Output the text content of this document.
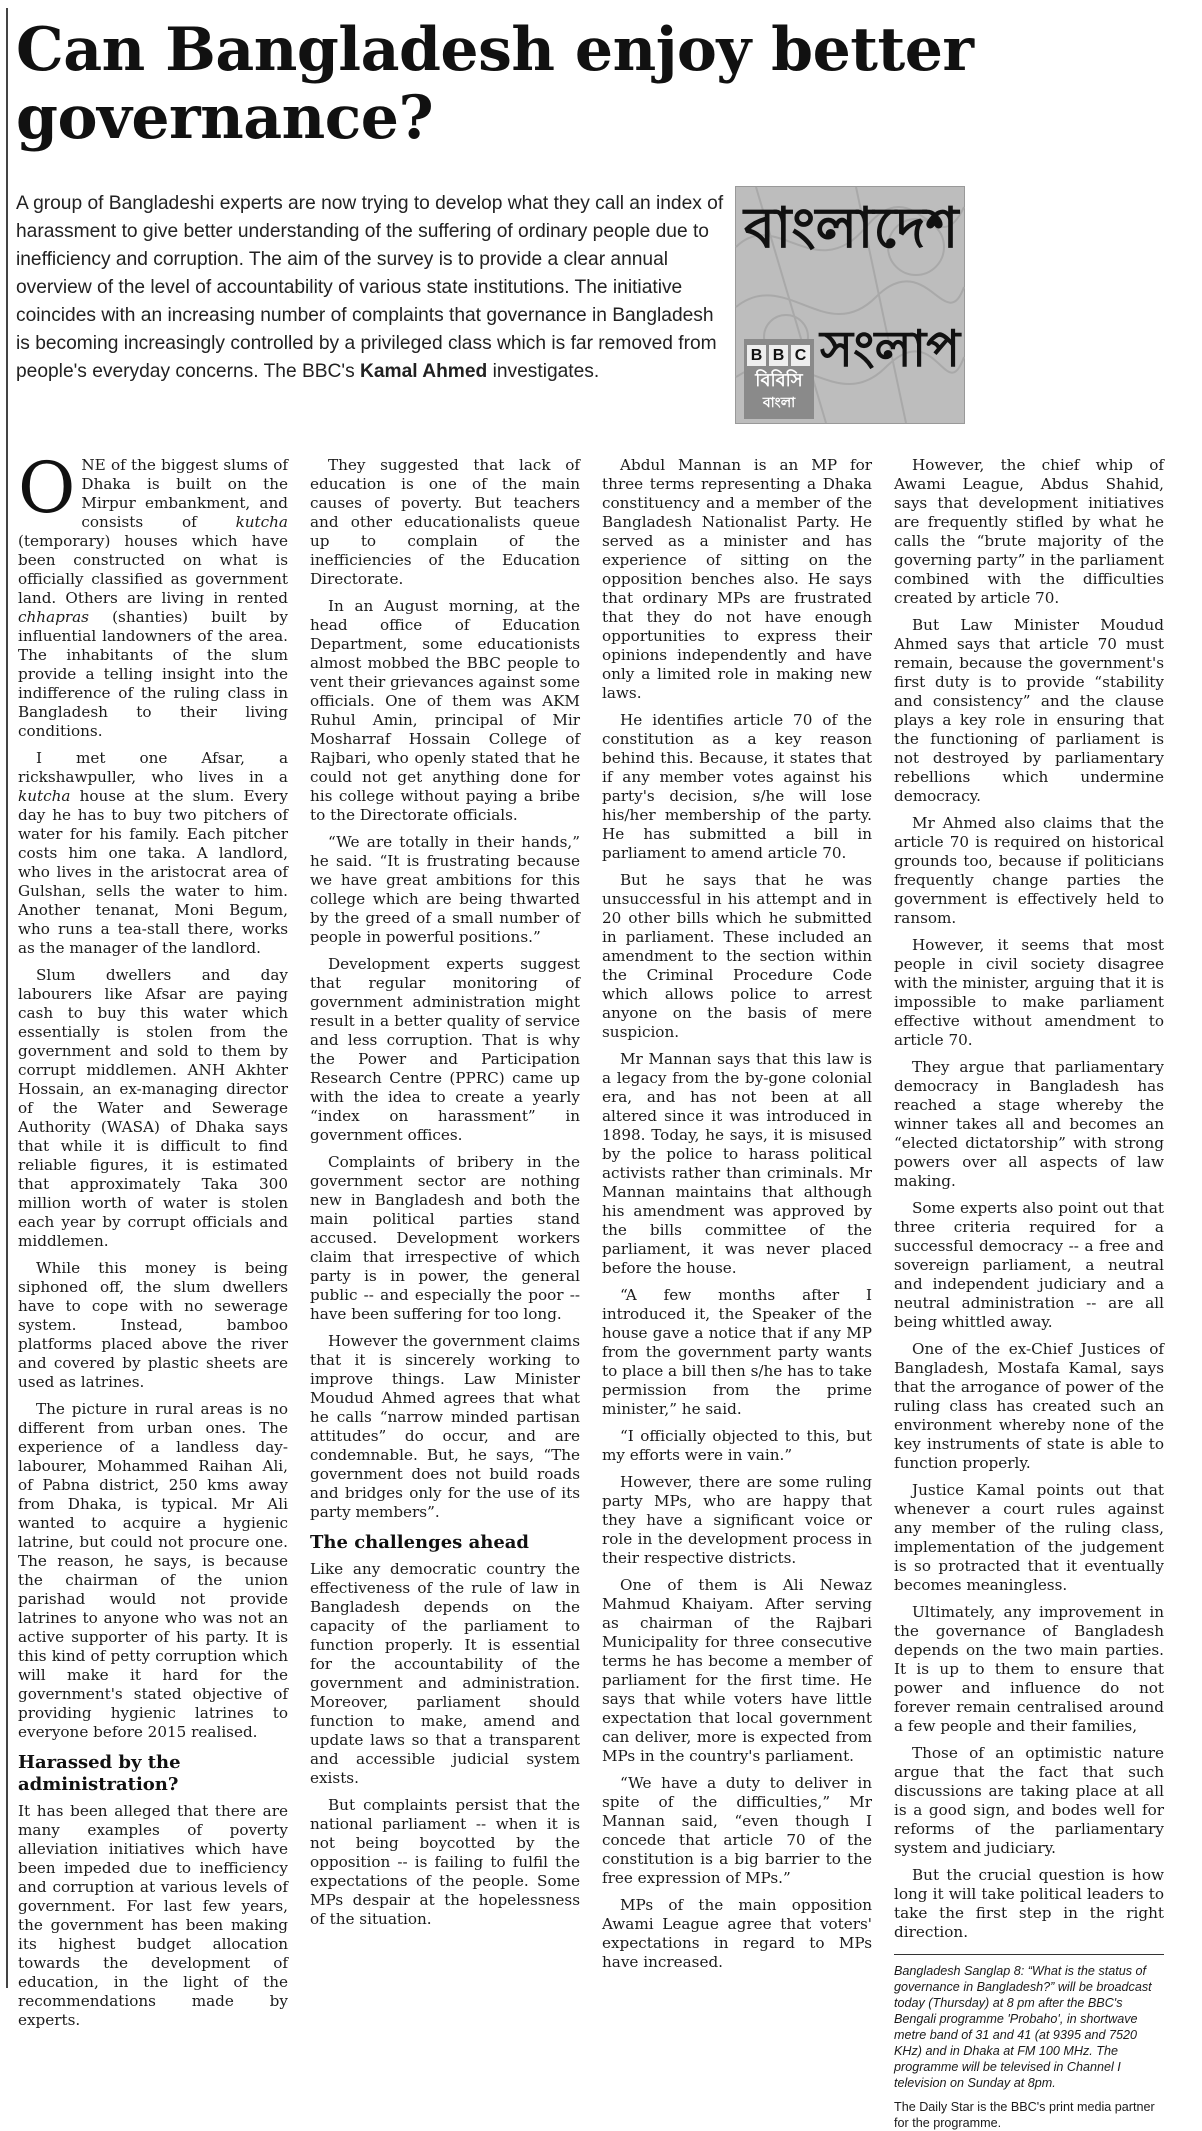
Can Bangladesh enjoy better governance?

A group of Bangladeshi experts are now trying to develop what they call an index of harassment to give better understanding of the suffering of ordinary people due to inefficiency and corruption. The aim of the survey is to provide a clear annual overview of the level of accountability of various state institutions. The initiative coincides with an increasing number of complaints that governance in Bangladesh is becoming increasingly controlled by a privileged class which is far removed from people's everyday concerns. The BBC's Kamal Ahmed investigates.

বাংলাদেশ
সংলাপ
B B C
বিবিসি
বাংলা

ONE of the biggest slums of Dhaka is built on the Mirpur embankment, and consists of kutcha (temporary) houses which have been constructed on what is officially classified as government land. Others are living in rented chhapras (shanties) built by influential landowners of the area. The inhabitants of the slum provide a telling insight into the indifference of the ruling class in Bangladesh to their living conditions.

I met one Afsar, a rickshawpuller, who lives in a kutcha house at the slum. Every day he has to buy two pitchers of water for his family. Each pitcher costs him one taka. A landlord, who lives in the aristocrat area of Gulshan, sells the water to him. Another tenanat, Moni Begum, who runs a tea-stall there, works as the manager of the landlord.

Slum dwellers and day labourers like Afsar are paying cash to buy this water which essentially is stolen from the government and sold to them by corrupt middlemen. ANH Akhter Hossain, an ex-managing director of the Water and Sewerage Authority (WASA) of Dhaka says that while it is difficult to find reliable figures, it is estimated that approximately Taka 300 million worth of water is stolen each year by corrupt officials and middlemen.

While this money is being siphoned off, the slum dwellers have to cope with no sewerage system. Instead, bamboo platforms placed above the river and covered by plastic sheets are used as latrines.

The picture in rural areas is no different from urban ones. The experience of a landless day-labourer, Mohammed Raihan Ali, of Pabna district, 250 kms away from Dhaka, is typical. Mr Ali wanted to acquire a hygienic latrine, but could not procure one. The reason, he says, is because the chairman of the union parishad would not provide latrines to anyone who was not an active supporter of his party. It is this kind of petty corruption which will make it hard for the government's stated objective of providing hygienic latrines to everyone before 2015 realised.

Harassed by the administration?

It has been alleged that there are many examples of poverty alleviation initiatives which have been impeded due to inefficiency and corruption at various levels of government. For last few years, the government has been making its highest budget allocation towards the development of education, in the light of the recommendations made by experts.

They suggested that lack of education is one of the main causes of poverty. But teachers and other educationalists queue up to complain of the inefficiencies of the Education Directorate.

In an August morning, at the head office of Education Department, some educationists almost mobbed the BBC people to vent their grievances against some officials. One of them was AKM Ruhul Amin, principal of Mir Mosharraf Hossain College of Rajbari, who openly stated that he could not get anything done for his college without paying a bribe to the Directorate officials.

“We are totally in their hands,” he said. “It is frustrating because we have great ambitions for this college which are being thwarted by the greed of a small number of people in powerful positions.”

Development experts suggest that regular monitoring of government administration might result in a better quality of service and less corruption. That is why the Power and Participation Research Centre (PPRC) came up with the idea to create a yearly “index on harassment” in government offices.

Complaints of bribery in the government sector are nothing new in Bangladesh and both the main political parties stand accused. Development workers claim that irrespective of which party is in power, the general public -- and especially the poor -- have been suffering for too long.

However the government claims that it is sincerely working to improve things. Law Minister Moudud Ahmed agrees that what he calls “narrow minded partisan attitudes” do occur, and are condemnable. But, he says, “The government does not build roads and bridges only for the use of its party members”.

The challenges ahead

Like any democratic country the effectiveness of the rule of law in Bangladesh depends on the capacity of the parliament to function properly. It is essential for the accountability of the government and administration. Moreover, parliament should function to make, amend and update laws so that a transparent and accessible judicial system exists.

But complaints persist that the national parliament -- when it is not being boycotted by the opposition -- is failing to fulfil the expectations of the people. Some MPs despair at the hopelessness of the situation.

Abdul Mannan is an MP for three terms representing a Dhaka constituency and a member of the Bangladesh Nationalist Party. He served as a minister and has experience of sitting on the opposition benches also. He says that ordinary MPs are frustrated that they do not have enough opportunities to express their opinions independently and have only a limited role in making new laws.

He identifies article 70 of the constitution as a key reason behind this. Because, it states that if any member votes against his party's decision, s/he will lose his/her membership of the party. He has submitted a bill in parliament to amend article 70.

But he says that he was unsuccessful in his attempt and in 20 other bills which he submitted in parliament. These included an amendment to the section within the Criminal Procedure Code which allows police to arrest anyone on the basis of mere suspicion.

Mr Mannan says that this law is a legacy from the by-gone colonial era, and has not been at all altered since it was introduced in 1898. Today, he says, it is misused by the police to harass political activists rather than criminals. Mr Mannan maintains that although his amendment was approved by the bills committee of the parliament, it was never placed before the house.

“A few months after I introduced it, the Speaker of the house gave a notice that if any MP from the government party wants to place a bill then s/he has to take permission from the prime minister,” he said.

“I officially objected to this, but my efforts were in vain.”

However, there are some ruling party MPs, who are happy that they have a significant voice or role in the development process in their respective districts.

One of them is Ali Newaz Mahmud Khaiyam. After serving as chairman of the Rajbari Municipality for three consecutive terms he has become a member of parliament for the first time. He says that while voters have little expectation that local government can deliver, more is expected from MPs in the country's parliament.

“We have a duty to deliver in spite of the difficulties,” Mr Mannan said, “even though I concede that article 70 of the constitution is a big barrier to the free expression of MPs.”

MPs of the main opposition Awami League agree that voters' expectations in regard to MPs have increased.

However, the chief whip of Awami League, Abdus Shahid, says that development initiatives are frequently stifled by what he calls the “brute majority of the governing party” in the parliament combined with the difficulties created by article 70.

But Law Minister Moudud Ahmed says that article 70 must remain, because the government's first duty is to provide “stability and consistency” and the clause plays a key role in ensuring that the functioning of parliament is not destroyed by parliamentary rebellions which undermine democracy.

Mr Ahmed also claims that the article 70 is required on historical grounds too, because if politicians frequently change parties the government is effectively held to ransom.

However, it seems that most people in civil society disagree with the minister, arguing that it is impossible to make parliament effective without amendment to article 70.

They argue that parliamentary democracy in Bangladesh has reached a stage whereby the winner takes all and becomes an “elected dictatorship” with strong powers over all aspects of law making.

Some experts also point out that three criteria required for a successful democracy -- a free and sovereign parliament, a neutral and independent judiciary and a neutral administration -- are all being whittled away.

One of the ex-Chief Justices of Bangladesh, Mostafa Kamal, says that the arrogance of power of the ruling class has created such an environment whereby none of the key instruments of state is able to function properly.

Justice Kamal points out that whenever a court rules against any member of the ruling class, implementation of the judgement is so protracted that it eventually becomes meaningless.

Ultimately, any improvement in the governance of Bangladesh depends on the two main parties. It is up to them to ensure that power and influence do not forever remain centralised around a few people and their families,

Those of an optimistic nature argue that the fact that such discussions are taking place at all is a good sign, and bodes well for reforms of the parliamentary system and judiciary.

But the crucial question is how long it will take political leaders to take the first step in the right direction.

Bangladesh Sanglap 8: “What is the status of governance in Bangladesh?” will be broadcast today (Thursday) at 8 pm after the BBC's Bengali programme 'Probaho', in shortwave metre band of 31 and 41 (at 9395 and 7520 KHz) and in Dhaka at FM 100 MHz. The programme will be televised in Channel I television on Sunday at 8pm.

The Daily Star is the BBC's print media partner for the programme.
